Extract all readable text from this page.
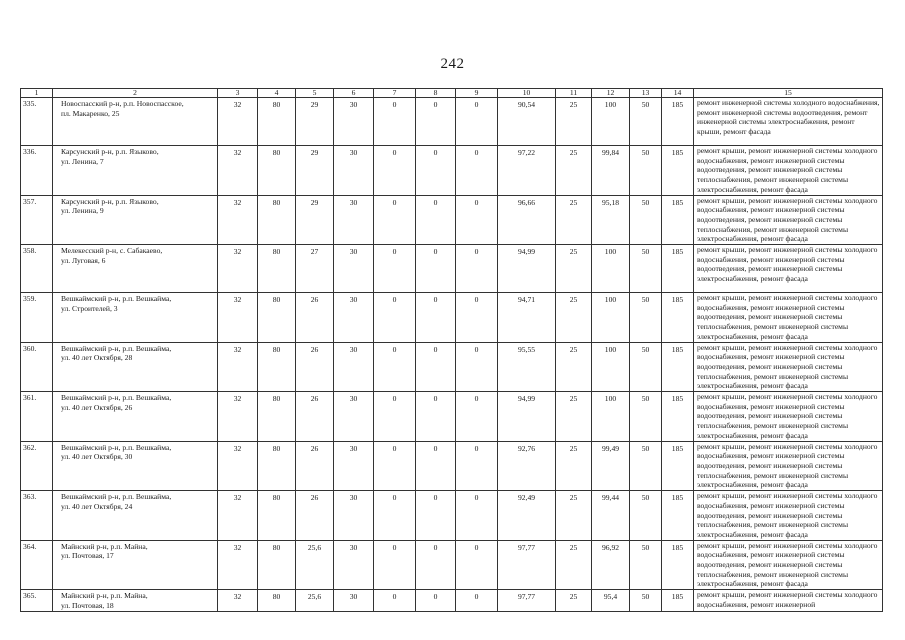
242
1	2	3	4	5	6	7	8	9	10	11	12	13	14	15
335.	Новоспасский р-н, р.п. Новоспасское,
пл. Макаренко, 25	32	80	29	30	0	0	0	90,54	25	100	50	185	ремонт инженерной системы холодного водоснабжения, ремонт инженерной системы водоотведения, ремонт инженерной системы электроснабжения, ремонт крыши, ремонт фасада
336.	Карсунский р-н, р.п. Языково,
ул. Ленина, 7	32	80	29	30	0	0	0	97,22	25	99,84	50	185	ремонт крыши, ремонт инженерной системы холодного водоснабжения, ремонт инженерной системы водоотведения, ремонт инженерной системы теплоснабжения, ремонт инженерной системы электроснабжения, ремонт фасада
357.	Карсунский р-н, р.п. Языково,
ул. Ленина, 9	32	80	29	30	0	0	0	96,66	25	95,18	50	185	ремонт крыши, ремонт инженерной системы холодного водоснабжения, ремонт инженерной системы водоотведения, ремонт инженерной системы теплоснабжения, ремонт инженерной системы электроснабжения, ремонт фасада
358.	Мелекесский р-н, с. Сабакаево,
ул. Луговая, 6	32	80	27	30	0	0	0	94,99	25	100	50	185	ремонт крыши, ремонт инженерной системы холодного водоснабжения, ремонт инженерной системы водоотведения, ремонт инженерной системы электроснабжения, ремонт фасада
359.	Вешкаймский р-н, р.п. Вешкайма,
ул. Строителей, 3	32	80	26	30	0	0	0	94,71	25	100	50	185	ремонт крыши, ремонт инженерной системы холодного водоснабжения, ремонт инженерной системы водоотведения, ремонт инженерной системы теплоснабжения, ремонт инженерной системы электроснабжения, ремонт фасада
360.	Вешкаймский р-н, р.п. Вешкайма,
ул. 40 лет Октября, 28	32	80	26	30	0	0	0	95,55	25	100	50	185	ремонт крыши, ремонт инженерной системы холодного водоснабжения, ремонт инженерной системы водоотведения, ремонт инженерной системы теплоснабжения, ремонт инженерной системы электроснабжения, ремонт фасада
361.	Вешкаймский р-н, р.п. Вешкайма,
ул. 40 лет Октября, 26	32	80	26	30	0	0	0	94,99	25	100	50	185	ремонт крыши, ремонт инженерной системы холодного водоснабжения, ремонт инженерной системы водоотведения, ремонт инженерной системы теплоснабжения, ремонт инженерной системы электроснабжения, ремонт фасада
362.	Вешкаймский р-н, р.п. Вешкайма,
ул. 40 лет Октября, 30	32	80	26	30	0	0	0	92,76	25	99,49	50	185	ремонт крыши, ремонт инженерной системы холодного водоснабжения, ремонт инженерной системы водоотведения, ремонт инженерной системы теплоснабжения, ремонт инженерной системы электроснабжения, ремонт фасада
363.	Вешкаймский р-н, р.п. Вешкайма,
ул. 40 лет Октября, 24	32	80	26	30	0	0	0	92,49	25	99,44	50	185	ремонт крыши, ремонт инженерной системы холодного водоснабжения, ремонт инженерной системы водоотведения, ремонт инженерной системы теплоснабжения, ремонт инженерной системы электроснабжения, ремонт фасада
364.	Майнский р-н, р.п. Майна,
ул. Почтовая, 17	32	80	25,6	30	0	0	0	97,77	25	96,92	50	185	ремонт крыши, ремонт инженерной системы холодного водоснабжения, ремонт инженерной системы водоотведения, ремонт инженерной системы теплоснабжения, ремонт инженерной системы электроснабжения, ремонт фасада
365.	Майнский р-н, р.п. Майна,
ул. Почтовая, 18	32	80	25,6	30	0	0	0	97,77	25	95,4	50	185	ремонт крыши, ремонт инженерной системы холодного водоснабжения, ремонт инженерной
